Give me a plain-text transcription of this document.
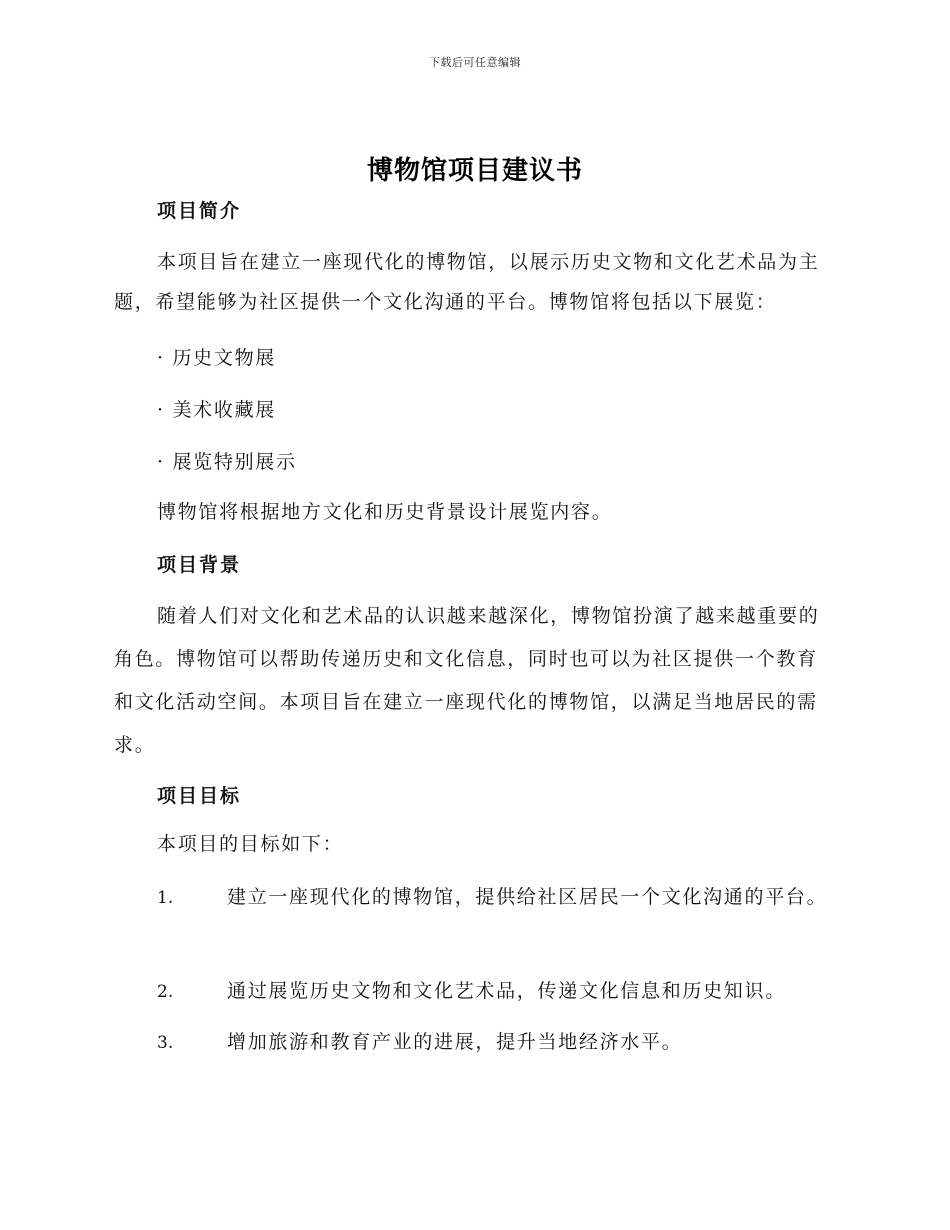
下载后可任意编辑
博物馆项目建议书
项目简介
本项目旨在建立一座现代化的博物馆，以展示历史文物和文化艺术品为主题，希望能够为社区提供一个文化沟通的平台。博物馆将包括以下展览：
· 历史文物展
· 美术收藏展
· 展览特别展示
博物馆将根据地方文化和历史背景设计展览内容。
项目背景
随着人们对文化和艺术品的认识越来越深化，博物馆扮演了越来越重要的角色。博物馆可以帮助传递历史和文化信息，同时也可以为社区提供一个教育和文化活动空间。本项目旨在建立一座现代化的博物馆，以满足当地居民的需求。
项目目标
本项目的目标如下：
1.	建立一座现代化的博物馆，提供给社区居民一个文化沟通的平台。
2.	通过展览历史文物和文化艺术品，传递文化信息和历史知识。
3.	增加旅游和教育产业的进展，提升当地经济水平。
